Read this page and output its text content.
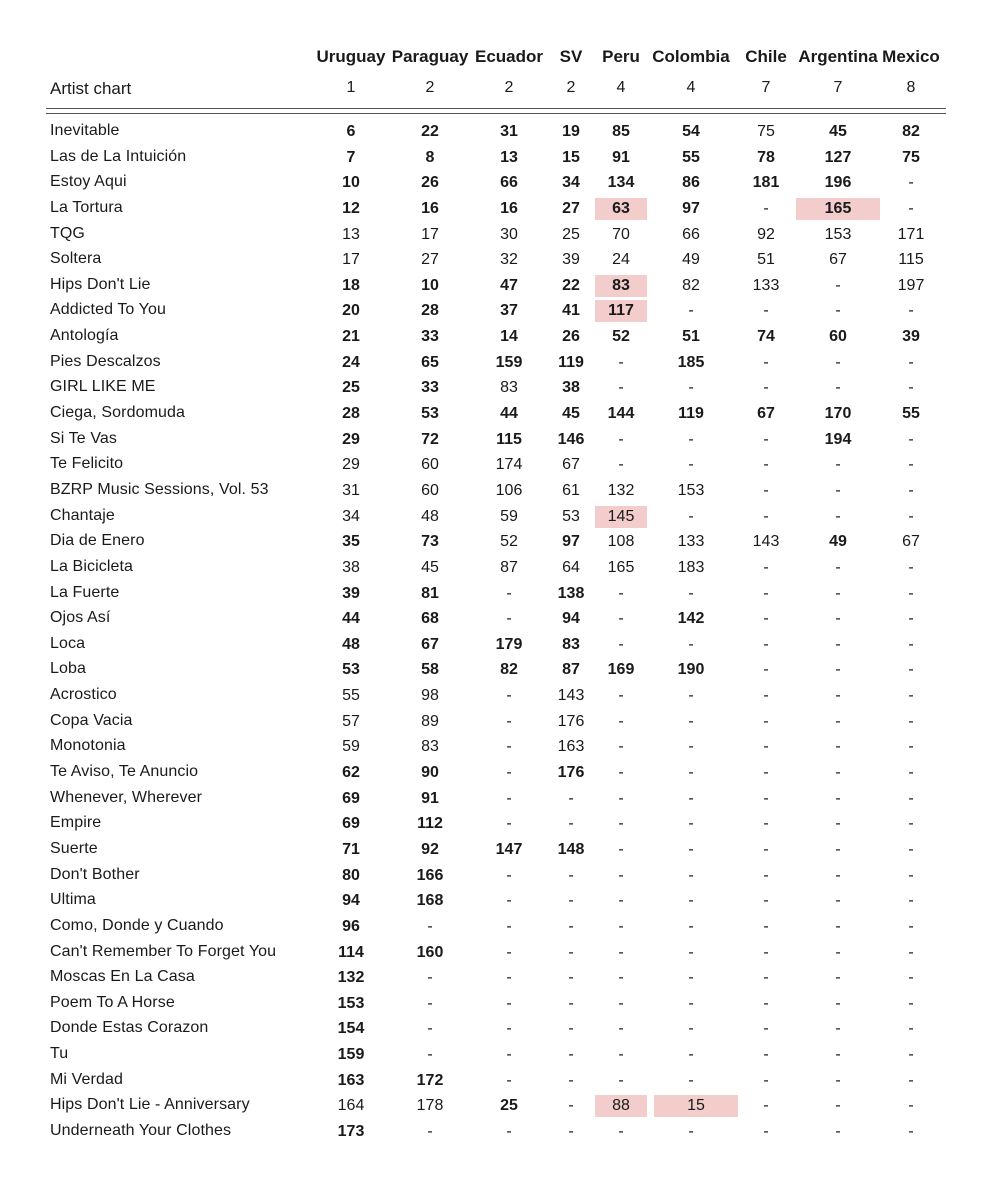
Uruguay Paraguay Ecuador SV Peru Colombia Chile Argentina Mexico
Artist chart	1	2	2	2	4	4	7	7	8
Inevitable	6	22	31	19	85	54	75	45	82
Las de La Intuición	7	8	13	15	91	55	78	127	75
Estoy Aqui	10	26	66	34	134	86	181	196	-
La Tortura	12	16	16	27	63	97	-	165	-
TQG	13	17	30	25	70	66	92	153	171
Soltera	17	27	32	39	24	49	51	67	115
Hips Don't Lie	18	10	47	22	83	82	133	-	197
Addicted To You	20	28	37	41	117	-	-	-	-
Antología	21	33	14	26	52	51	74	60	39
Pies Descalzos	24	65	159	119	-	185	-	-	-
GIRL LIKE ME	25	33	83	38	-	-	-	-	-
Ciega, Sordomuda	28	53	44	45	144	119	67	170	55
Si Te Vas	29	72	115	146	-	-	-	194	-
Te Felicito	29	60	174	67	-	-	-	-	-
BZRP Music Sessions, Vol. 53	31	60	106	61	132	153	-	-	-
Chantaje	34	48	59	53	145	-	-	-	-
Dia de Enero	35	73	52	97	108	133	143	49	67
La Bicicleta	38	45	87	64	165	183	-	-	-
La Fuerte	39	81	-	138	-	-	-	-	-
Ojos Así	44	68	-	94	-	142	-	-	-
Loca	48	67	179	83	-	-	-	-	-
Loba	53	58	82	87	169	190	-	-	-
Acrostico	55	98	-	143	-	-	-	-	-
Copa Vacia	57	89	-	176	-	-	-	-	-
Monotonia	59	83	-	163	-	-	-	-	-
Te Aviso, Te Anuncio	62	90	-	176	-	-	-	-	-
Whenever, Wherever	69	91	-	-	-	-	-	-	-
Empire	69	112	-	-	-	-	-	-	-
Suerte	71	92	147	148	-	-	-	-	-
Don't Bother	80	166	-	-	-	-	-	-	-
Ultima	94	168	-	-	-	-	-	-	-
Como, Donde y Cuando	96	-	-	-	-	-	-	-	-
Can't Remember To Forget You	114	160	-	-	-	-	-	-	-
Moscas En La Casa	132	-	-	-	-	-	-	-	-
Poem To A Horse	153	-	-	-	-	-	-	-	-
Donde Estas Corazon	154	-	-	-	-	-	-	-	-
Tu	159	-	-	-	-	-	-	-	-
Mi Verdad	163	172	-	-	-	-	-	-	-
Hips Don't Lie - Anniversary	164	178	25	-	88	15	-	-	-
Underneath Your Clothes	173	-	-	-	-	-	-	-	-
